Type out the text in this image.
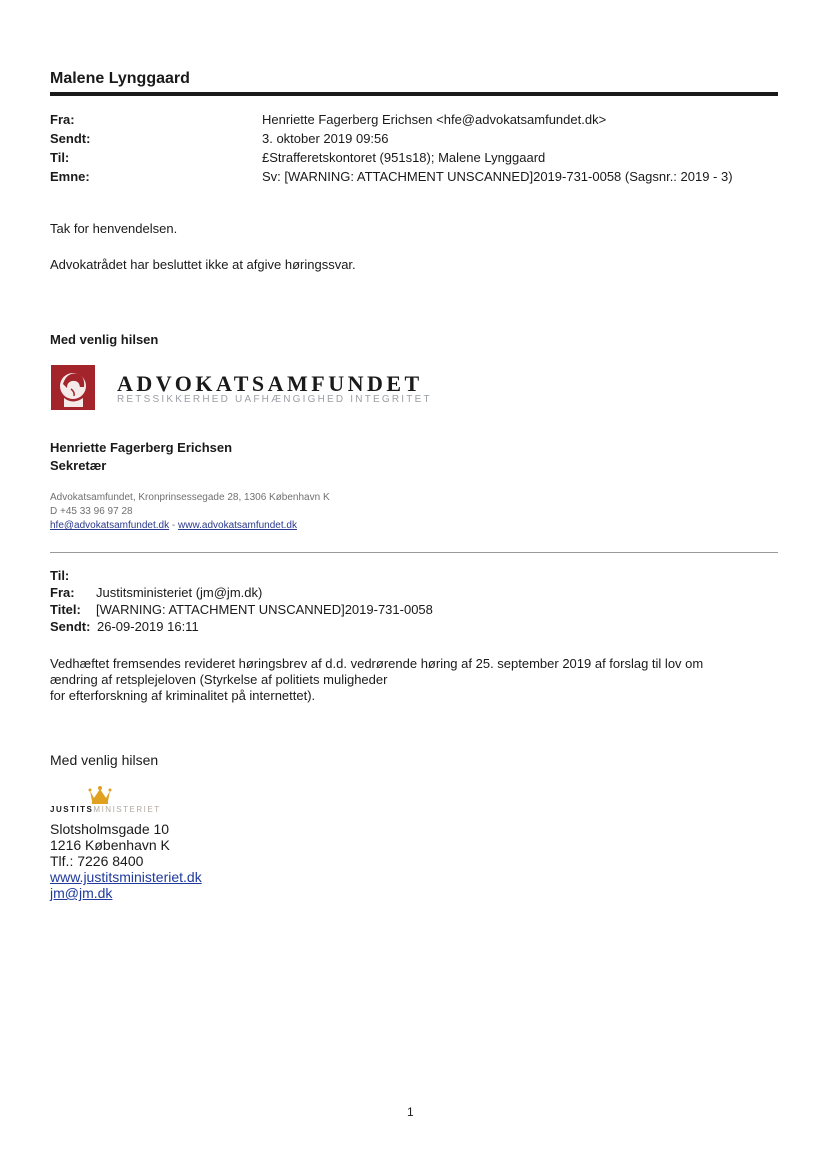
Malene Lynggaard
Fra:	Henriette Fagerberg Erichsen <hfe@advokatsamfundet.dk>
Sendt:	3. oktober 2019 09:56
Til:	£Strafferetskontoret (951s18); Malene Lynggaard
Emne:	Sv: [WARNING: ATTACHMENT UNSCANNED]2019-731-0058 (Sagsnr.: 2019 - 3)
Tak for henvendelsen.
Advokatrådet har besluttet ikke at afgive høringssvar.
Med venlig hilsen
ADVOKATSAMFUNDET
RETSSIKKERHED UAFHÆNGIGHED INTEGRITET
Henriette Fagerberg Erichsen
Sekretær
Advokatsamfundet, Kronprinsessegade 28, 1306 København K
D +45 33 96 97 28
hfe@advokatsamfundet.dk - www.advokatsamfundet.dk
Til:
Fra: Justitsministeriet (jm@jm.dk)
Titel: [WARNING: ATTACHMENT UNSCANNED]2019-731-0058
Sendt: 26-09-2019 16:11
Vedhæftet fremsendes revideret høringsbrev af d.d. vedrørende høring af 25. september 2019 af forslag til lov om
ændring af retsplejeloven (Styrkelse af politiets muligheder
for efterforskning af kriminalitet på internettet).
Med venlig hilsen
JUSTITSMINISTERIET
Slotsholmsgade 10
1216 København K
Tlf.: 7226 8400
www.justitsministeriet.dk
jm@jm.dk
1
